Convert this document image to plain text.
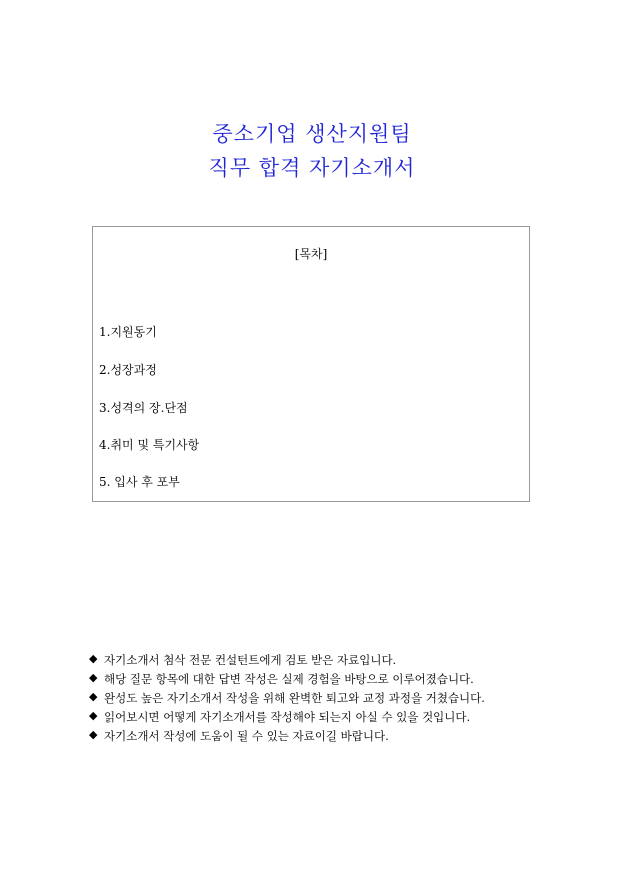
중소기업 생산지원팀
직무 합격 자기소개서
[목차]
1.지원동기
2.성장과정
3.성격의 장.단점
4.취미 및 특기사항
5. 입사 후 포부
◆ 자기소개서 첨삭 전문 컨설턴트에게 검토 받은 자료입니다.
◆ 해당 질문 항목에 대한 답변 작성은 실제 경험을 바탕으로 이루어졌습니다.
◆ 완성도 높은 자기소개서 작성을 위해 완벽한 퇴고와 교정 과정을 거쳤습니다.
◆ 읽어보시면 어떻게 자기소개서를 작성해야 되는지 아실 수 있을 것입니다.
◆ 자기소개서 작성에 도움이 될 수 있는 자료이길 바랍니다.
